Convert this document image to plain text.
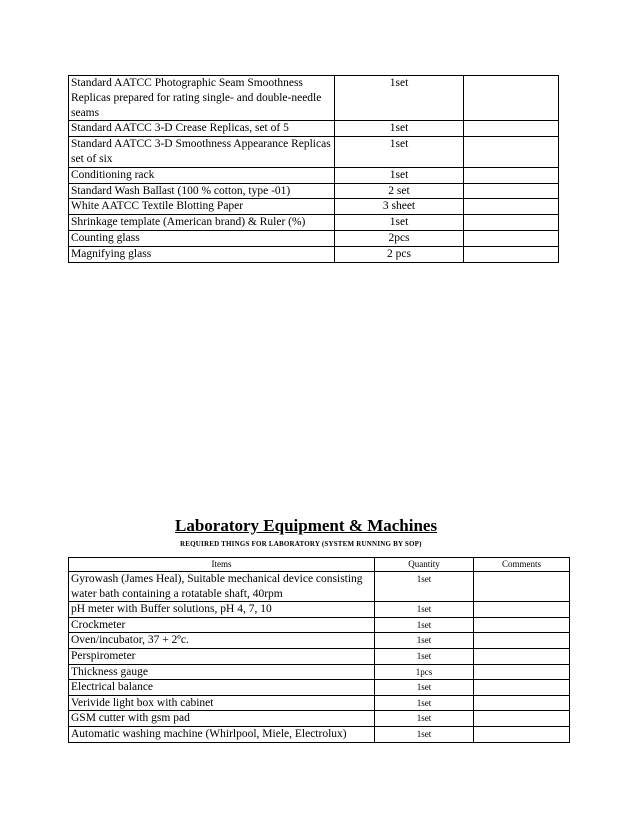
Standard AATCC Photographic Seam Smoothness Replicas prepared for rating single- and double-needle seams	1set	
Standard AATCC 3-D Crease Replicas, set of 5	1set	
Standard AATCC 3-D Smoothness Appearance Replicas set of six	1set	
Conditioning rack	1set	
Standard Wash Ballast (100 % cotton, type -01)	2 set	
White AATCC Textile Blotting Paper	3 sheet	
Shrinkage template (American brand) & Ruler (%)	1set	
Counting glass	2pcs	
Magnifying glass	2 pcs	
Laboratory Equipment & Machines
REQUIRED THINGS FOR LABORATORY (SYSTEM RUNNING BY SOP)
Items	Quantity	Comments
Gyrowash (James Heal), Suitable mechanical device consisting water bath containing a rotatable shaft, 40rpm	1set	
pH meter with Buffer solutions, pH 4, 7, 10	1set	
Crockmeter	1set	
Oven/incubator, 37 + 2ºc.	1set	
Perspirometer	1set	
Thickness gauge	1pcs	
Electrical balance	1set	
Verivide light box with cabinet	1set	
GSM cutter with gsm pad	1set	
Automatic washing machine (Whirlpool, Miele, Electrolux)	1set	
